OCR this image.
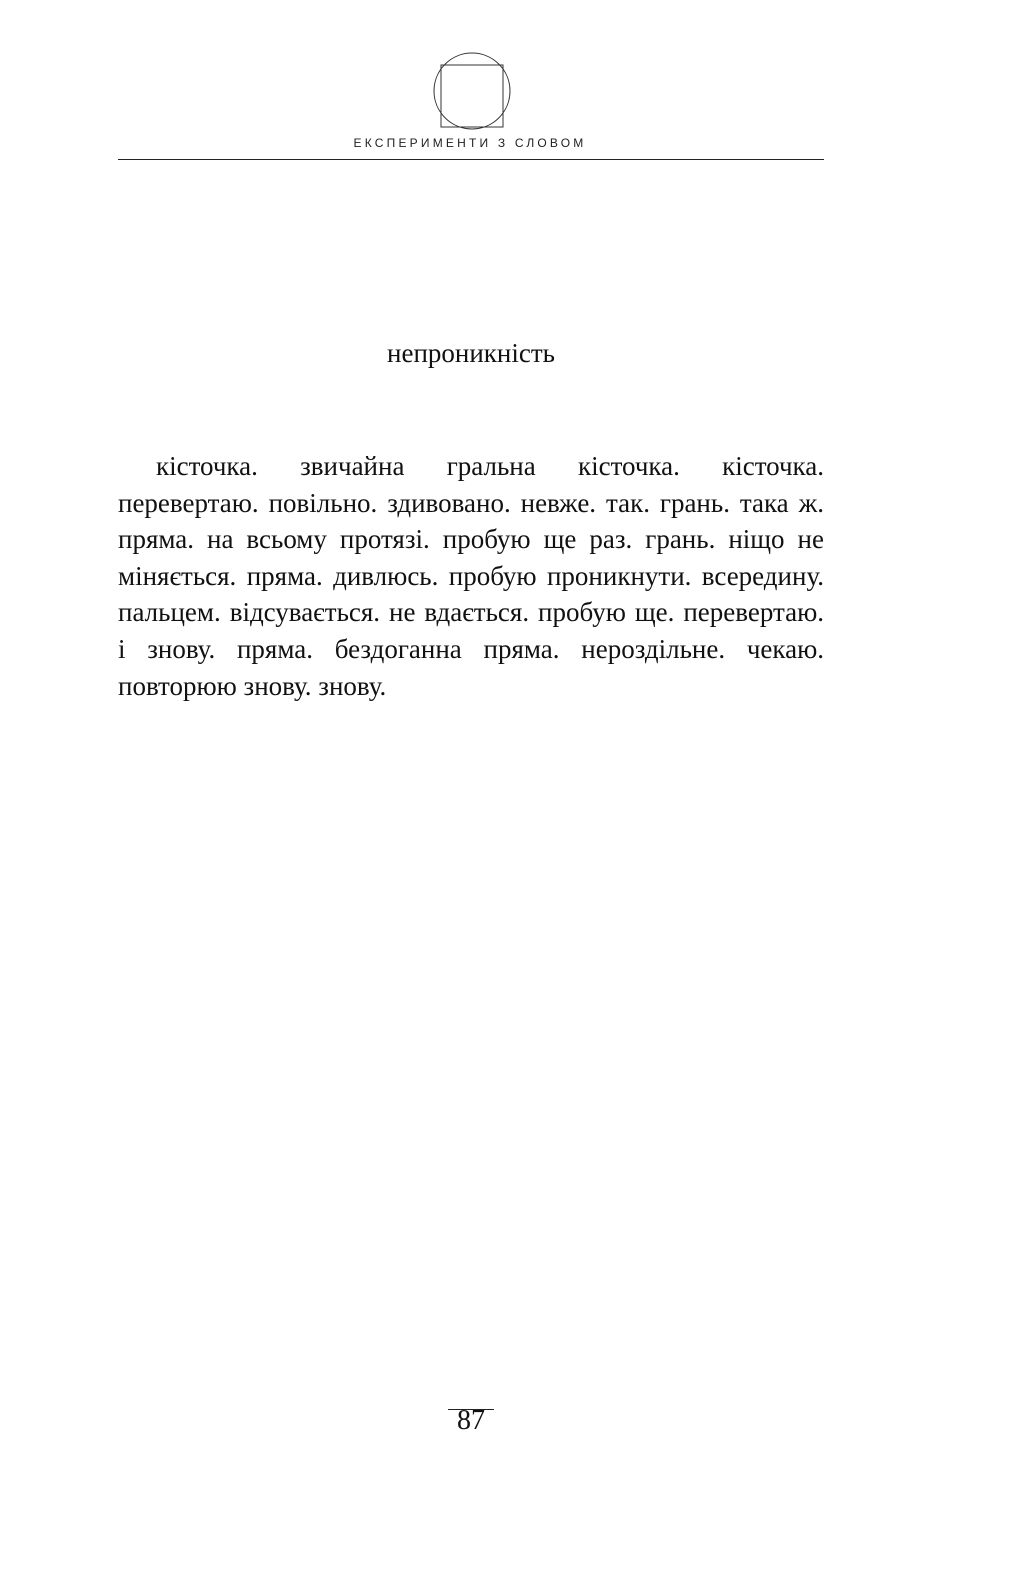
ЕКСПЕРИМЕНТИ З СЛОВОМ
непроникність

кісточка. звичайна гральна кісточка. кісточка. перевертаю. повільно. здивовано. невже. так. грань. така ж. пряма. на всьому протязі. пробую ще раз. грань. ніщо не міняється. пряма. дивлюсь. пробую проникнути. всередину. пальцем. відсувається. не вдається. пробую ще. перевертаю. і знову. пряма. бездоганна пряма. нероздільне. чекаю. повторюю знову. знову.

87
